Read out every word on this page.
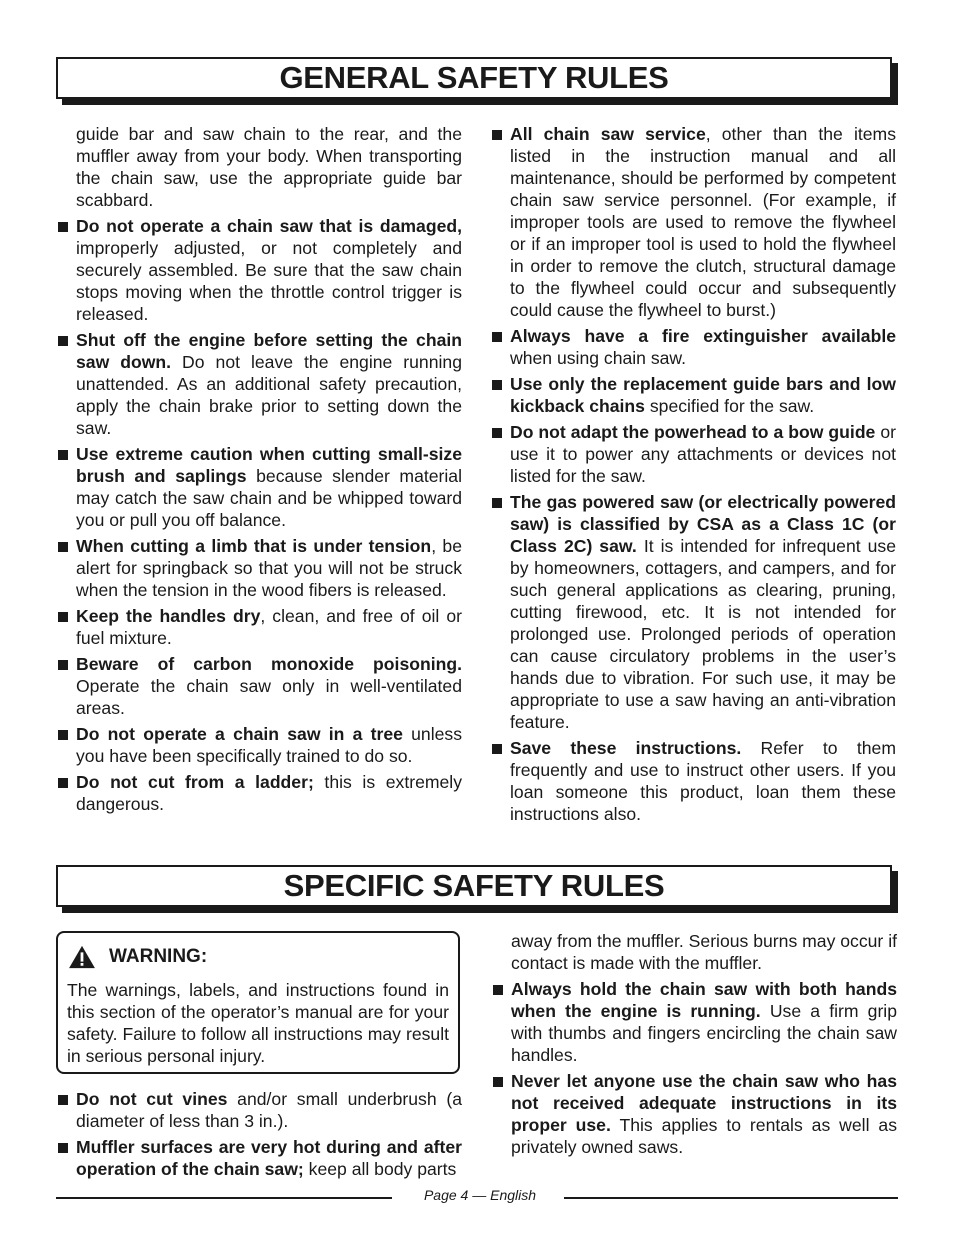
GENERAL SAFETY RULES

guide bar and saw chain to the rear, and the muffler away from your body. When transporting the chain saw, use the appropriate guide bar scabbard.

Do not operate a chain saw that is damaged, improperly adjusted, or not completely and securely assembled. Be sure that the saw chain stops moving when the throttle control trigger is released.
Shut off the engine before setting the chain saw down. Do not leave the engine running unattended. As an additional safety precaution, apply the chain brake prior to setting down the saw.
Use extreme caution when cutting small-size brush and saplings because slender material may catch the saw chain and be whipped toward you or pull you off balance.
When cutting a limb that is under tension, be alert for springback so that you will not be struck when the tension in the wood fibers is released.
Keep the handles dry, clean, and free of oil or fuel mixture.
Beware of carbon monoxide poisoning. Operate the chain saw only in well-ventilated areas.
Do not operate a chain saw in a tree unless you have been specifically trained to do so.
Do not cut from a ladder; this is extremely dangerous.
All chain saw service, other than the items listed in the instruction manual and all maintenance, should be performed by competent chain saw service personnel. (For example, if improper tools are used to remove the flywheel or if an improper tool is used to hold the flywheel in order to remove the clutch, structural damage to the flywheel could occur and subsequently could cause the flywheel to burst.)
Always have a fire extinguisher available when using chain saw.
Use only the replacement guide bars and low kickback chains specified for the saw.
Do not adapt the powerhead to a bow guide or use it to power any attachments or devices not listed for the saw.
The gas powered saw (or electrically powered saw) is classified by CSA as a Class 1C (or Class 2C) saw. It is intended for infrequent use by homeowners, cottagers, and campers, and for such general applications as clearing, pruning, cutting firewood, etc. It is not intended for prolonged use. Prolonged periods of operation can cause circulatory problems in the user’s hands due to vibration. For such use, it may be appropriate to use a saw having an anti-vibration feature.
Save these instructions. Refer to them frequently and use to instruct other users. If you loan someone this product, loan them these instructions also.
SPECIFIC SAFETY RULES
WARNING:
The warnings, labels, and instructions found in this section of the operator’s manual are for your safety. Failure to follow all instructions may result in serious personal injury.
Do not cut vines and/or small underbrush (a diameter of less than 3 in.).
Muffler surfaces are very hot during and after operation of the chain saw; keep all body parts

away from the muffler. Serious burns may occur if contact is made with the muffler.

Always hold the chain saw with both hands when the engine is running. Use a firm grip with thumbs and fingers encircling the chain saw handles.
Never let anyone use the chain saw who has not received adequate instructions in its proper use. This applies to rentals as well as privately owned saws.
Page 4 — English
